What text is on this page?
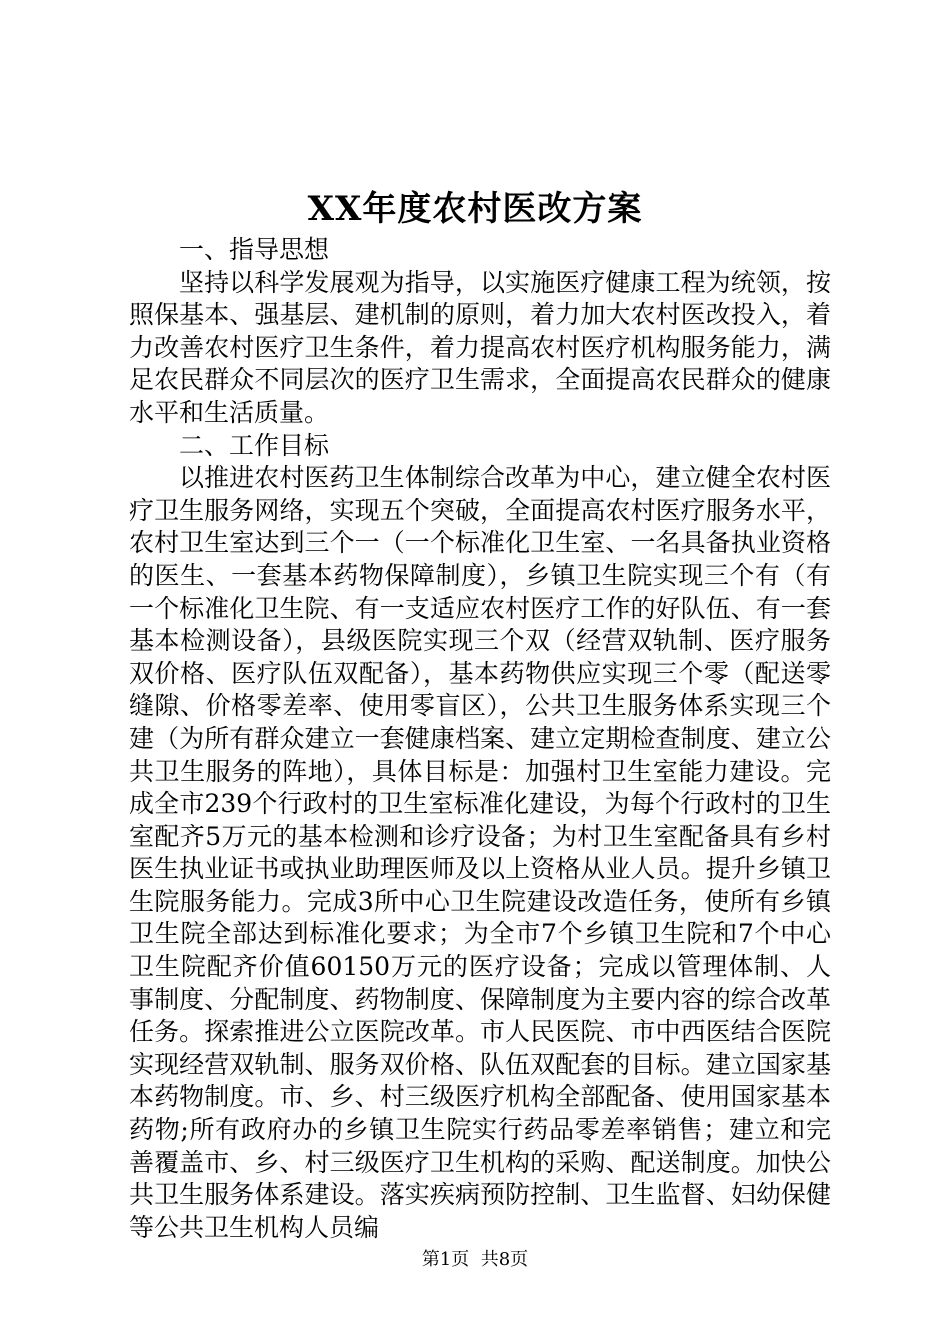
XX年度农村医改方案

一、指导思想

坚持以科学发展观为指导，以实施医疗健康工程为统领，按照保基本、强基层、建机制的原则，着力加大农村医改投入，着力改善农村医疗卫生条件，着力提高农村医疗机构服务能力，满足农民群众不同层次的医疗卫生需求，全面提高农民群众的健康水平和生活质量。

二、工作目标

以推进农村医药卫生体制综合改革为中心，建立健全农村医疗卫生服务网络，实现五个突破，全面提高农村医疗服务水平，农村卫生室达到三个一（一个标准化卫生室、一名具备执业资格的医生、一套基本药物保障制度），乡镇卫生院实现三个有（有一个标准化卫生院、有一支适应农村医疗工作的好队伍、有一套基本检测设备），县级医院实现三个双（经营双轨制、医疗服务双价格、医疗队伍双配备），基本药物供应实现三个零（配送零缝隙、价格零差率、使用零盲区），公共卫生服务体系实现三个建（为所有群众建立一套健康档案、建立定期检查制度、建立公共卫生服务的阵地），具体目标是：加强村卫生室能力建设。完成全市239个行政村的卫生室标准化建设，为每个行政村的卫生室配齐5万元的基本检测和诊疗设备；为村卫生室配备具有乡村医生执业证书或执业助理医师及以上资格从业人员。提升乡镇卫生院服务能力。完成3所中心卫生院建设改造任务，使所有乡镇卫生院全部达到标准化要求；为全市7个乡镇卫生院和7个中心卫生院配齐价值60150万元的医疗设备；完成以管理体制、人事制度、分配制度、药物制度、保障制度为主要内容的综合改革任务。探索推进公立医院改革。市人民医院、市中西医结合医院实现经营双轨制、服务双价格、队伍双配套的目标。建立国家基本药物制度。市、乡、村三级医疗机构全部配备、使用国家基本药物;所有政府办的乡镇卫生院实行药品零差率销售；建立和完善覆盖市、乡、村三级医疗卫生机构的采购、配送制度。加快公共卫生服务体系建设。落实疾病预防控制、卫生监督、妇幼保健等公共卫生机构人员编

第1页  共8页
